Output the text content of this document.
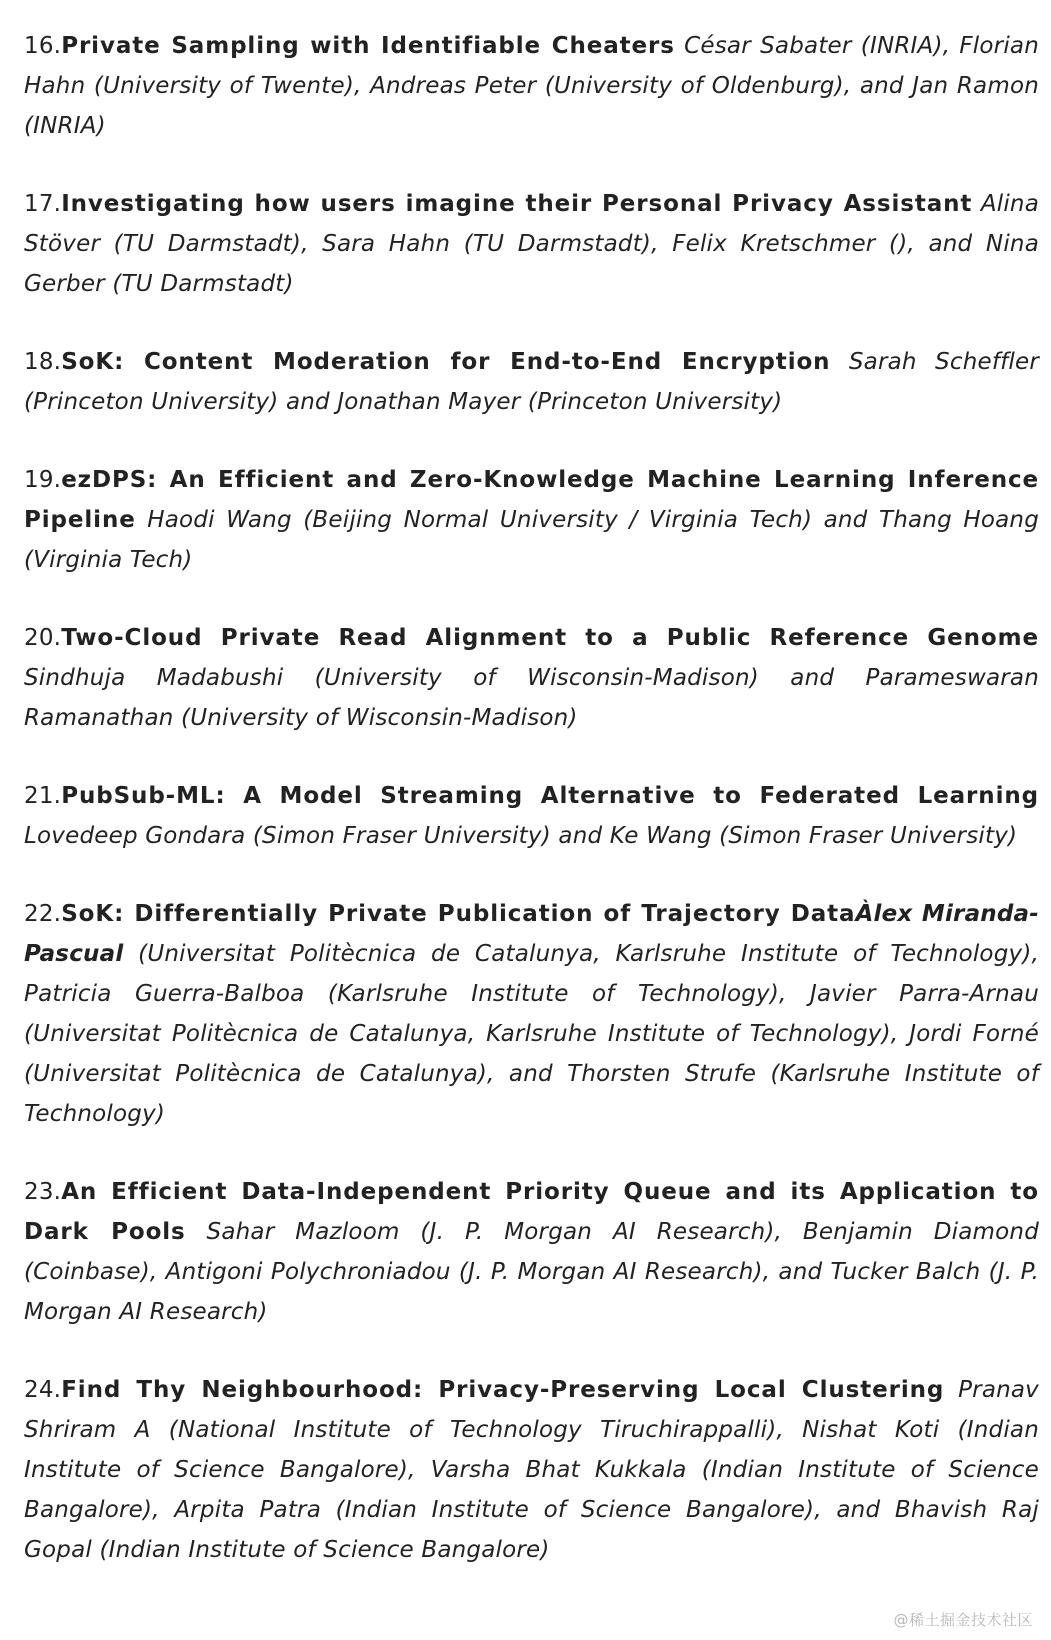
16.Private Sampling with Identifiable Cheaters César Sabater (INRIA), Florian Hahn (University of Twente), Andreas Peter (University of Oldenburg), and Jan Ramon (INRIA)

17.Investigating how users imagine their Personal Privacy Assistant Alina Stöver (TU Darmstadt), Sara Hahn (TU Darmstadt), Felix Kretschmer (), and Nina Gerber (TU Darmstadt)

18.SoK: Content Moderation for End-to-End Encryption Sarah Scheffler (Princeton University) and Jonathan Mayer (Princeton University)

19.ezDPS: An Efficient and Zero-Knowledge Machine Learning Inference Pipeline Haodi Wang (Beijing Normal University / Virginia Tech) and Thang Hoang (Virginia Tech)

20.Two-Cloud Private Read Alignment to a Public Reference Genome Sindhuja Madabushi (University of Wisconsin-Madison) and Parameswaran Ramanathan (University of Wisconsin-Madison)

21.PubSub-ML: A Model Streaming Alternative to Federated Learning Lovedeep Gondara (Simon Fraser University) and Ke Wang (Simon Fraser University)

22.SoK: Differentially Private Publication of Trajectory DataÀlex Miranda-Pascual (Universitat Politècnica de Catalunya, Karlsruhe Institute of Technology), Patricia Guerra-Balboa (Karlsruhe Institute of Technology), Javier Parra-Arnau (Universitat Politècnica de Catalunya, Karlsruhe Institute of Technology), Jordi Forné (Universitat Politècnica de Catalunya), and Thorsten Strufe (Karlsruhe Institute of Technology)

23.An Efficient Data-Independent Priority Queue and its Application to Dark Pools Sahar Mazloom (J. P. Morgan AI Research), Benjamin Diamond (Coinbase), Antigoni Polychroniadou (J. P. Morgan AI Research), and Tucker Balch (J. P. Morgan AI Research)

24.Find Thy Neighbourhood: Privacy-Preserving Local Clustering Pranav Shriram A (National Institute of Technology Tiruchirappalli), Nishat Koti (Indian Institute of Science Bangalore), Varsha Bhat Kukkala (Indian Institute of Science Bangalore), Arpita Patra (Indian Institute of Science Bangalore), and Bhavish Raj Gopal (Indian Institute of Science Bangalore)

@稀土掘金技术社区
